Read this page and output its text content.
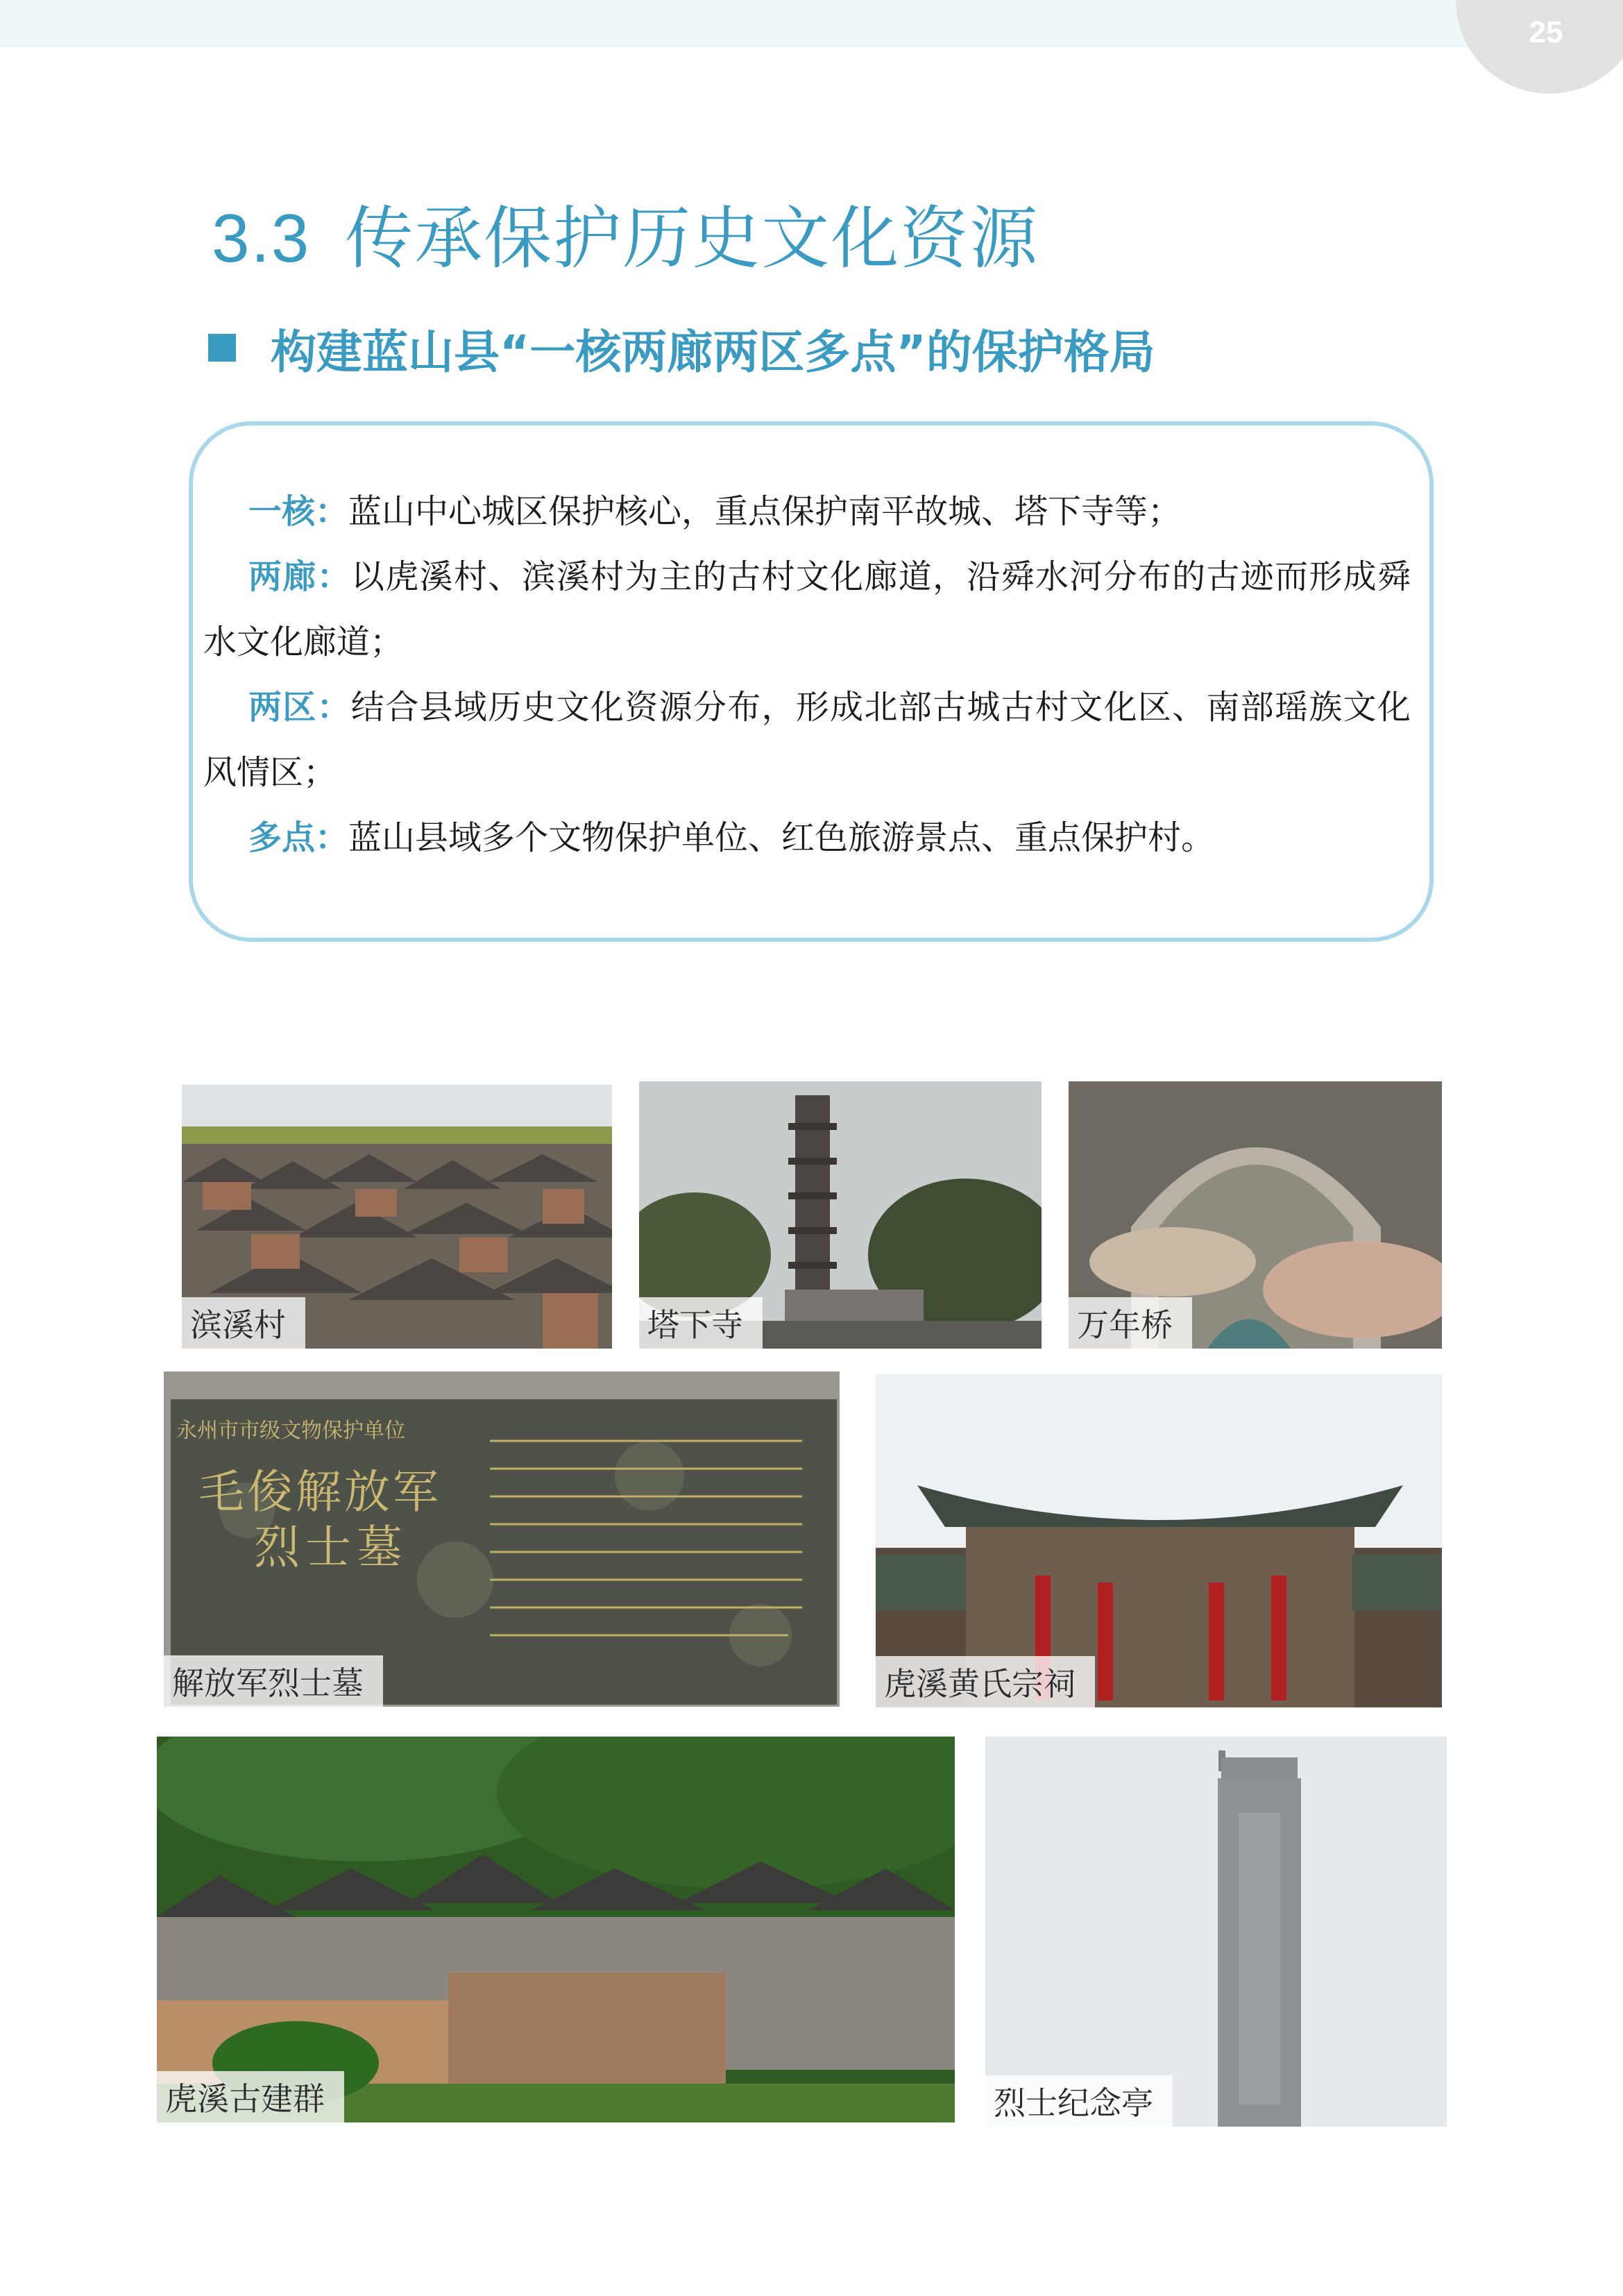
25
3.3 传承保护历史文化资源
构建蓝山县“一核两廊两区多点”的保护格局

一核：蓝山中心城区保护核心，重点保护南平故城、塔下寺等；

两廊：以虎溪村、滨溪村为主的古村文化廊道，沿舜水河分布的古迹而形成舜水文化廊道；

两区：结合县域历史文化资源分布，形成北部古城古村文化区、南部瑶族文化风情区；

多点：蓝山县域多个文物保护单位、红色旅游景点、重点保护村。

滨溪村	塔下寺	万年桥
永州市市级文物保护单位
毛俊解放军
烈士墓
解放军烈士墓	虎溪黄氏宗祠
虎溪古建群	烈士纪念亭
